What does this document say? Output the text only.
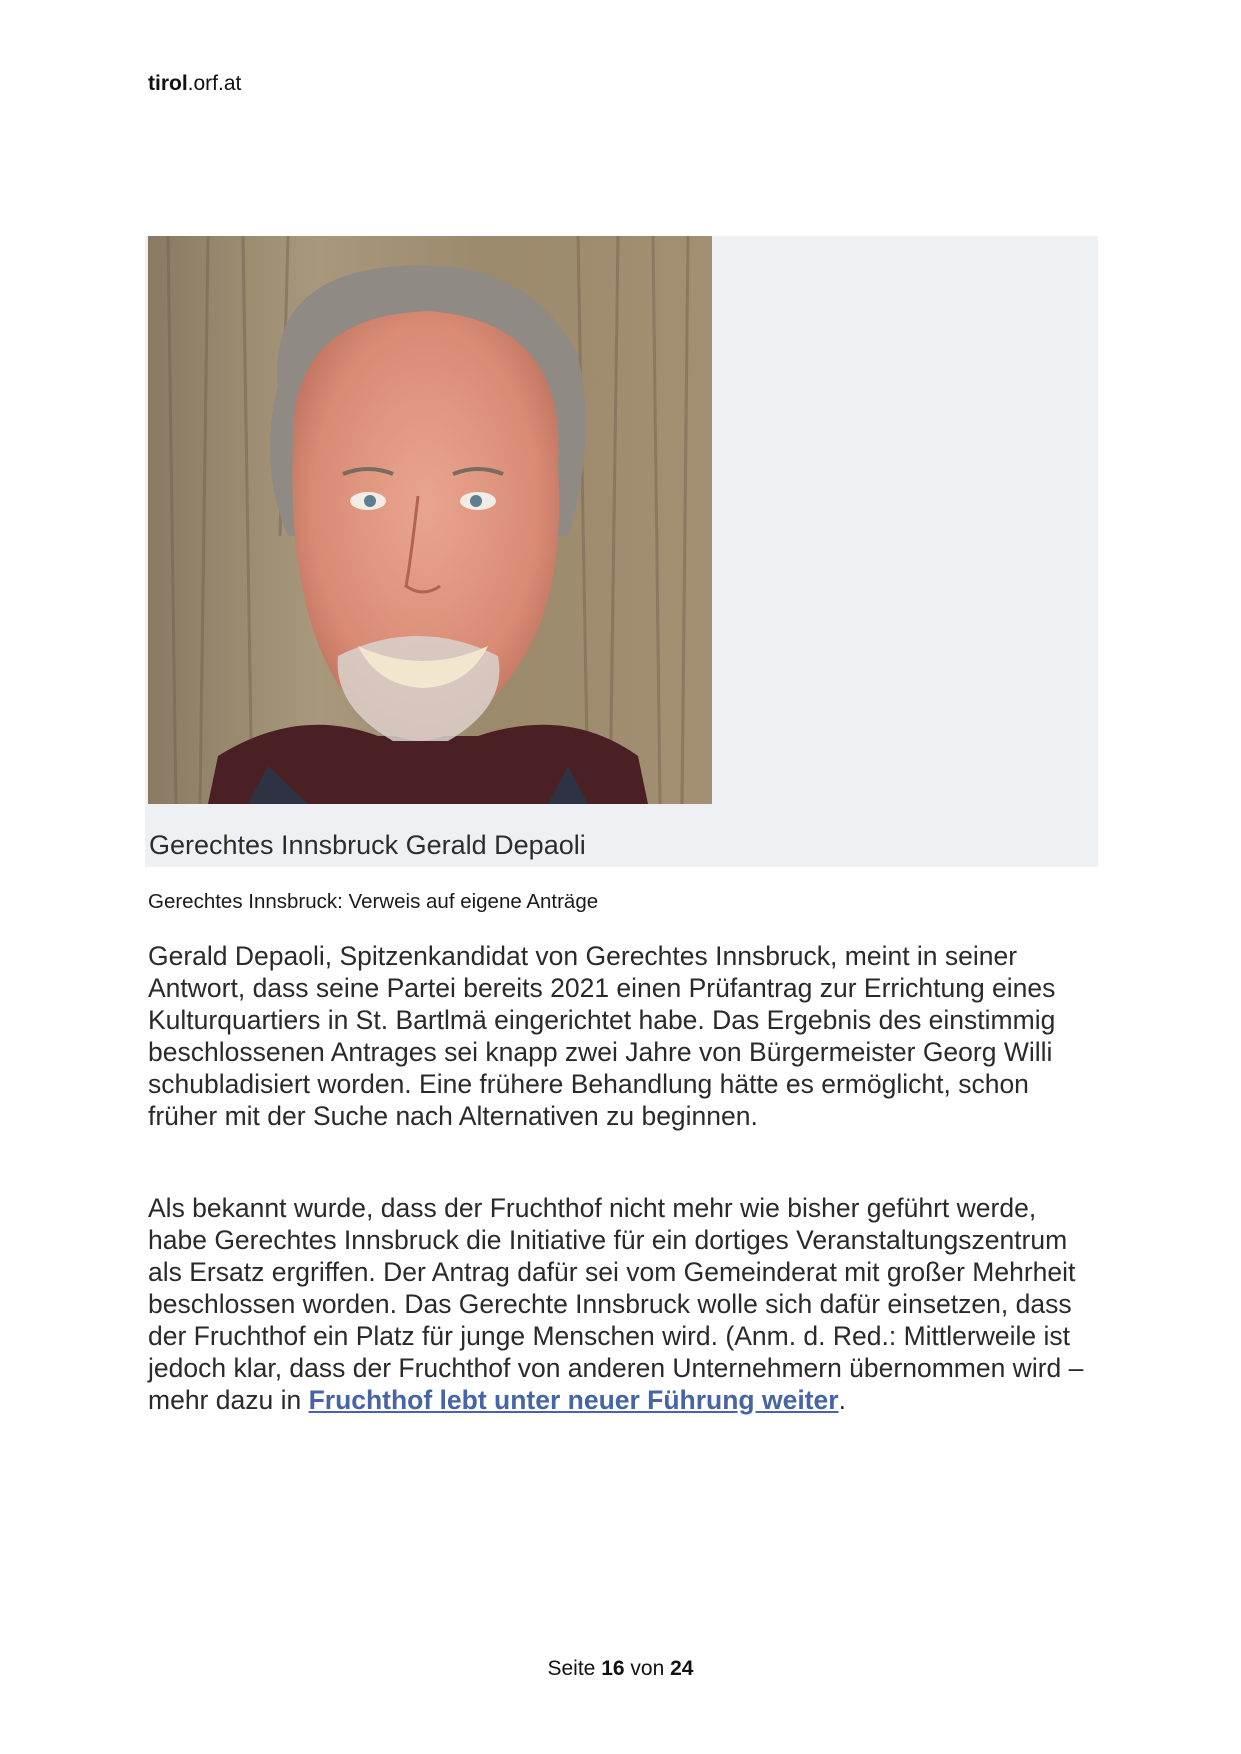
tirol.orf.at
Gerechtes Innsbruck Gerald Depaoli
Gerechtes Innsbruck: Verweis auf eigene Anträge

Gerald Depaoli, Spitzenkandidat von Gerechtes Innsbruck, meint in seiner Antwort, dass seine Partei bereits 2021 einen Prüfantrag zur Errichtung eines Kulturquartiers in St. Bartlmä eingerichtet habe. Das Ergebnis des einstimmig beschlossenen Antrages sei knapp zwei Jahre von Bürgermeister Georg Willi schubladisiert worden. Eine frühere Behandlung hätte es ermöglicht, schon früher mit der Suche nach Alternativen zu beginnen.

Als bekannt wurde, dass der Fruchthof nicht mehr wie bisher geführt werde, habe Gerechtes Innsbruck die Initiative für ein dortiges Veranstaltungszentrum als Ersatz ergriffen. Der Antrag dafür sei vom Gemeinderat mit großer Mehrheit beschlossen worden. Das Gerechte Innsbruck wolle sich dafür einsetzen, dass der Fruchthof ein Platz für junge Menschen wird. (Anm. d. Red.: Mittlerweile ist jedoch klar, dass der Fruchthof von anderen Unternehmern übernommen wird – mehr dazu in Fruchthof lebt unter neuer Führung weiter.

Seite 16 von 24
